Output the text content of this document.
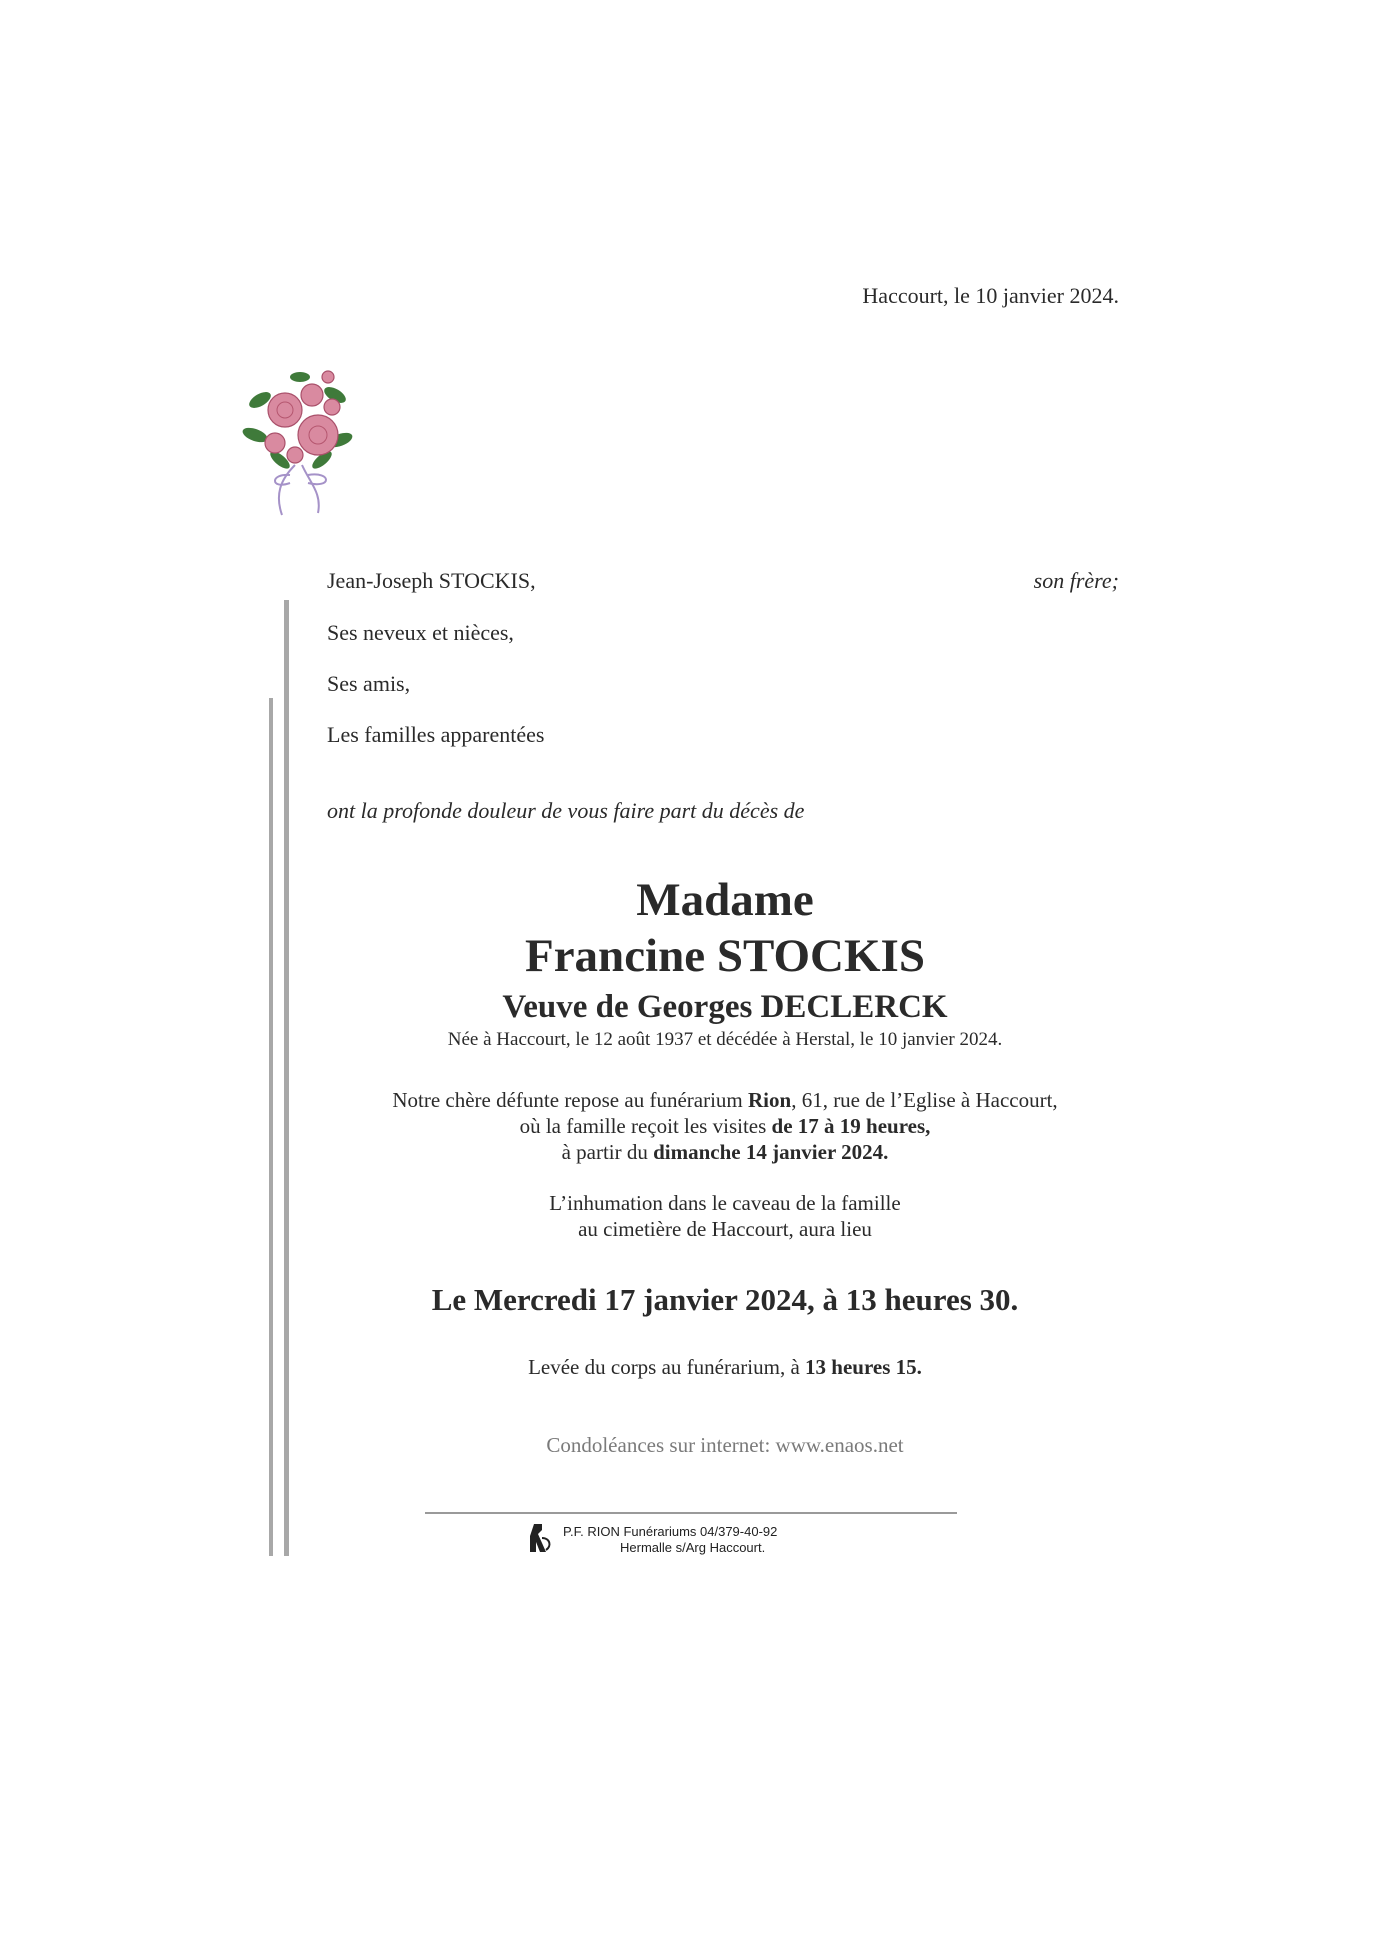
Haccourt, le 10 janvier 2024.
Jean-Joseph STOCKIS,	son frère;
Ses neveux et nièces,
Ses amis,
Les familles apparentées
ont la profonde douleur de vous faire part du décès de
Madame
Francine STOCKIS
Veuve de Georges DECLERCK
Née à Haccourt, le 12 août 1937 et décédée à Herstal, le 10 janvier 2024.
Notre chère défunte repose au funérarium Rion, 61, rue de l’Eglise à Haccourt,
où la famille reçoit les visites de 17 à 19 heures,
à partir du dimanche 14 janvier 2024.
L’inhumation dans le caveau de la famille
au cimetière de Haccourt, aura lieu
Le Mercredi 17 janvier 2024, à 13 heures 30.
Levée du corps au funérarium, à 13 heures 15.
Condoléances sur internet: www.enaos.net
P.F. RION Funérariums 04/379-40-92
Hermalle s/Arg Haccourt.
